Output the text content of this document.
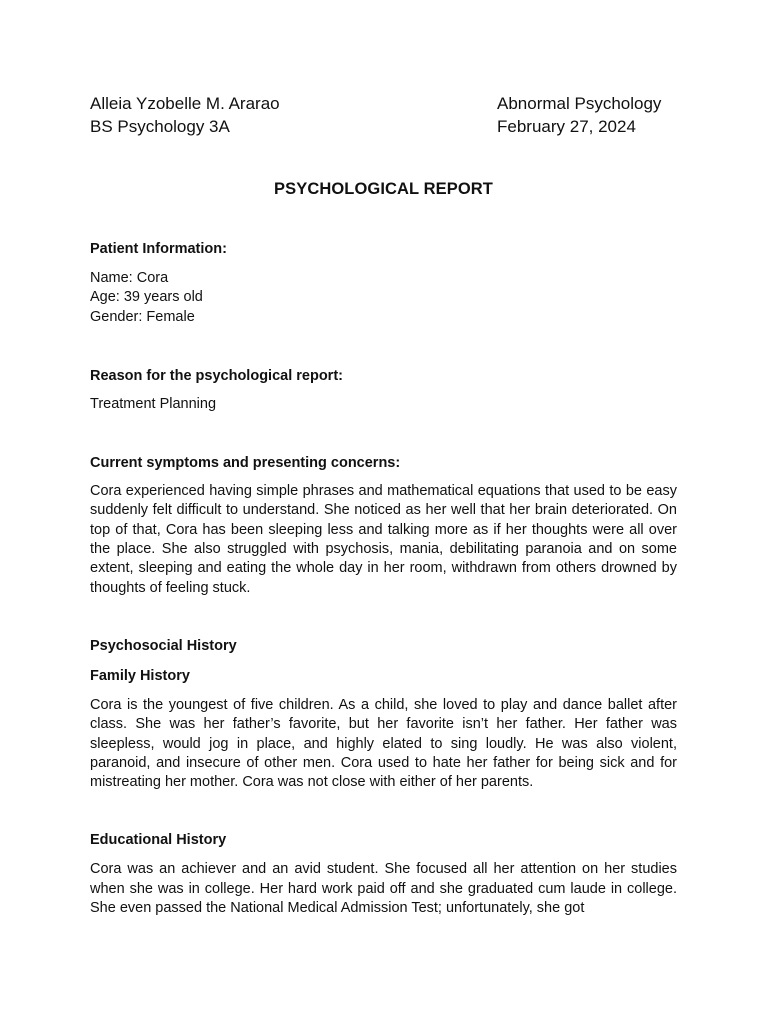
Alleia Yzobelle M. Ararao
BS Psychology 3A
Abnormal Psychology
February 27, 2024
PSYCHOLOGICAL REPORT
Patient Information:
Name: Cora
Age: 39 years old
Gender: Female
Reason for the psychological report:
Treatment Planning
Current symptoms and presenting concerns:
Cora experienced having simple phrases and mathematical equations that used to be easy suddenly felt difficult to understand. She noticed as her well that her brain deteriorated. On top of that, Cora has been sleeping less and talking more as if her thoughts were all over the place. She also struggled with psychosis, mania, debilitating paranoia and on some extent, sleeping and eating the whole day in her room, withdrawn from others drowned by thoughts of feeling stuck.
Psychosocial History
Family History
Cora is the youngest of five children. As a child, she loved to play and dance ballet after class. She was her father’s favorite, but her favorite isn’t her father. Her father was sleepless, would jog in place, and highly elated to sing loudly. He was also violent, paranoid, and insecure of other men. Cora used to hate her father for being sick and for mistreating her mother. Cora was not close with either of her parents.
Educational History
Cora was an achiever and an avid student. She focused all her attention on her studies when she was in college. Her hard work paid off and she graduated cum laude in college. She even passed the National Medical Admission Test; unfortunately, she got
